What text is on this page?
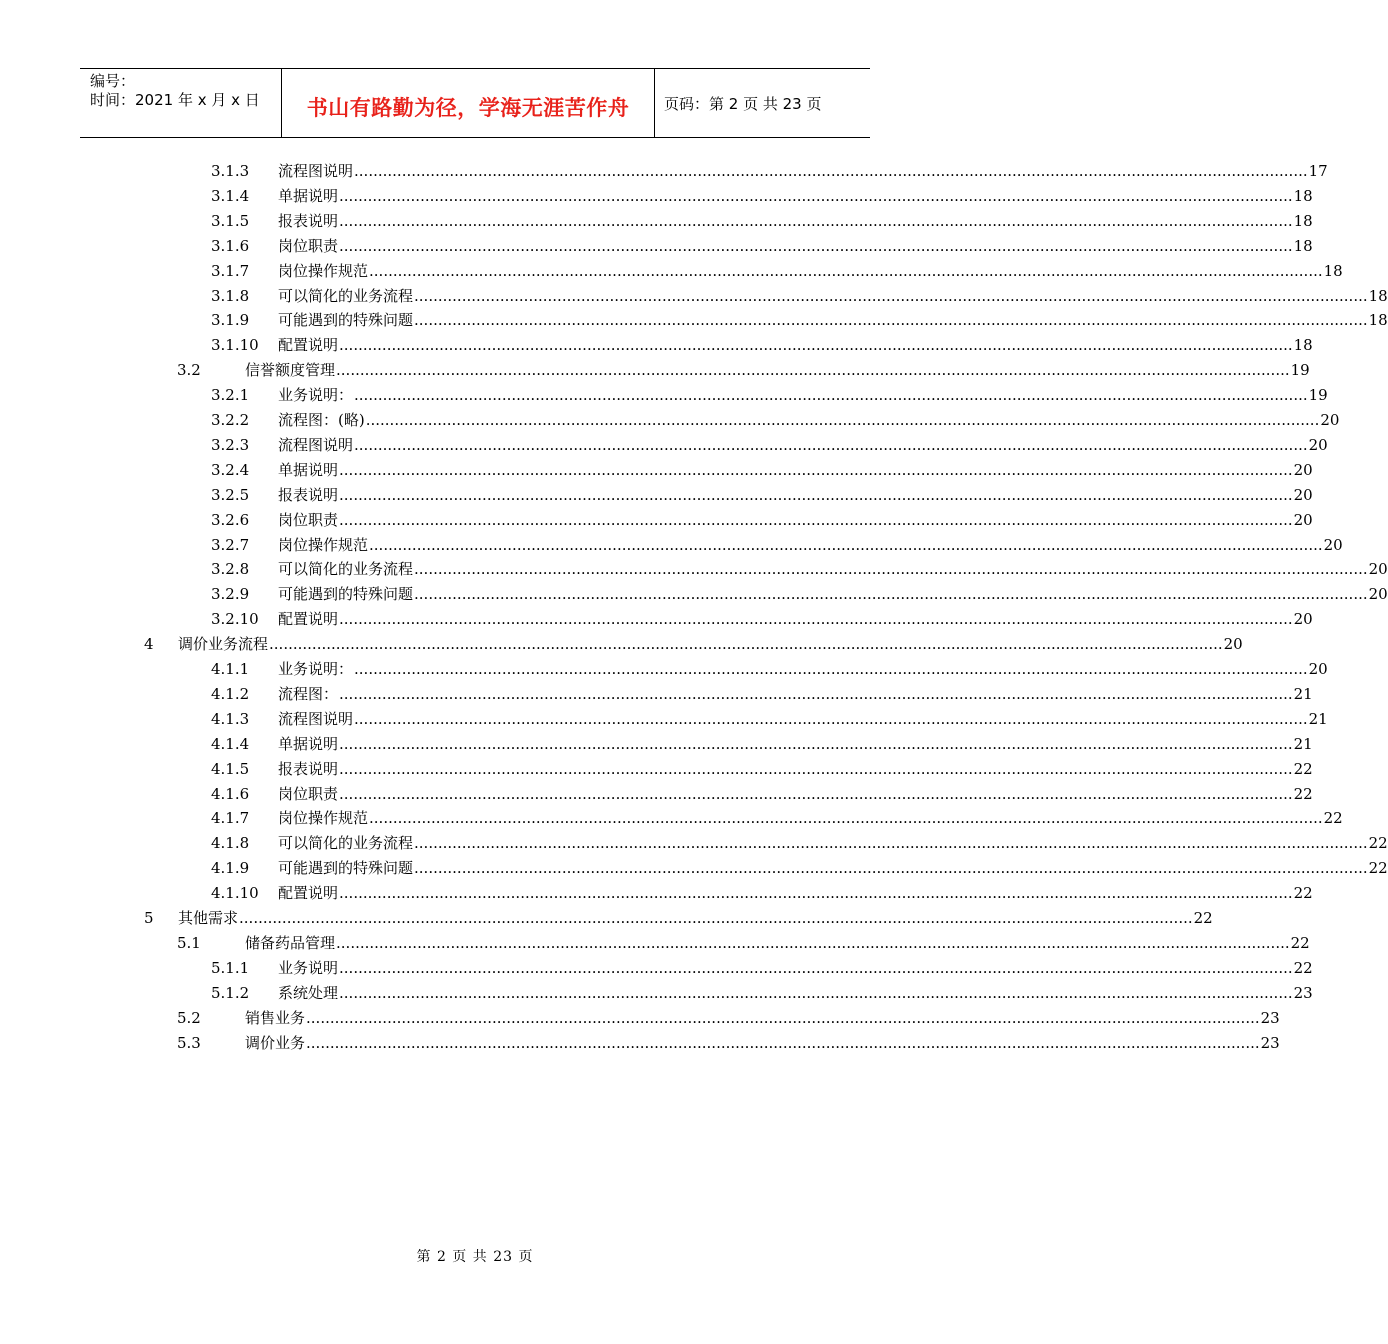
编号：
时间：2021 年 x 月 x 日	书山有路勤为径，学海无涯苦作舟	页码：第 2 页 共 23 页
3.1.3 流程图说明 ........................................................................................................................................................................................................ 17
3.1.4 单据说明 ........................................................................................................................................................................................................ 18
3.1.5 报表说明 ........................................................................................................................................................................................................ 18
3.1.6 岗位职责 ........................................................................................................................................................................................................ 18
3.1.7 岗位操作规范 ........................................................................................................................................................................................................ 18
3.1.8 可以简化的业务流程 ........................................................................................................................................................................................................ 18
3.1.9 可能遇到的特殊问题 ........................................................................................................................................................................................................ 18
3.1.10 配置说明 ........................................................................................................................................................................................................ 18
3.2	信誉额度管理 ........................................................................................................................................................................................................ 19
3.2.1 业务说明： ........................................................................................................................................................................................................ 19
3.2.2 流程图：(略) ........................................................................................................................................................................................................ 20
3.2.3 流程图说明 ........................................................................................................................................................................................................ 20
3.2.4 单据说明 ........................................................................................................................................................................................................ 20
3.2.5 报表说明 ........................................................................................................................................................................................................ 20
3.2.6 岗位职责 ........................................................................................................................................................................................................ 20
3.2.7 岗位操作规范 ........................................................................................................................................................................................................ 20
3.2.8 可以简化的业务流程 ........................................................................................................................................................................................................ 20
3.2.9 可能遇到的特殊问题 ........................................................................................................................................................................................................ 20
3.2.10 配置说明 ........................................................................................................................................................................................................ 20
4 调价业务流程 ........................................................................................................................................................................................................ 20
4.1.1 业务说明： ........................................................................................................................................................................................................ 20
4.1.2 流程图： ........................................................................................................................................................................................................ 21
4.1.3 流程图说明 ........................................................................................................................................................................................................ 21
4.1.4 单据说明 ........................................................................................................................................................................................................ 21
4.1.5 报表说明 ........................................................................................................................................................................................................ 22
4.1.6 岗位职责 ........................................................................................................................................................................................................ 22
4.1.7 岗位操作规范 ........................................................................................................................................................................................................ 22
4.1.8 可以简化的业务流程 ........................................................................................................................................................................................................ 22
4.1.9 可能遇到的特殊问题 ........................................................................................................................................................................................................ 22
4.1.10 配置说明 ........................................................................................................................................................................................................ 22
5 其他需求 ........................................................................................................................................................................................................ 22
5.1	储备药品管理 ........................................................................................................................................................................................................ 22
5.1.1 业务说明 ........................................................................................................................................................................................................ 22
5.1.2 系统处理 ........................................................................................................................................................................................................ 23
5.2	销售业务 ........................................................................................................................................................................................................ 23
5.3	调价业务 ........................................................................................................................................................................................................ 23
第 2 页 共 23 页
